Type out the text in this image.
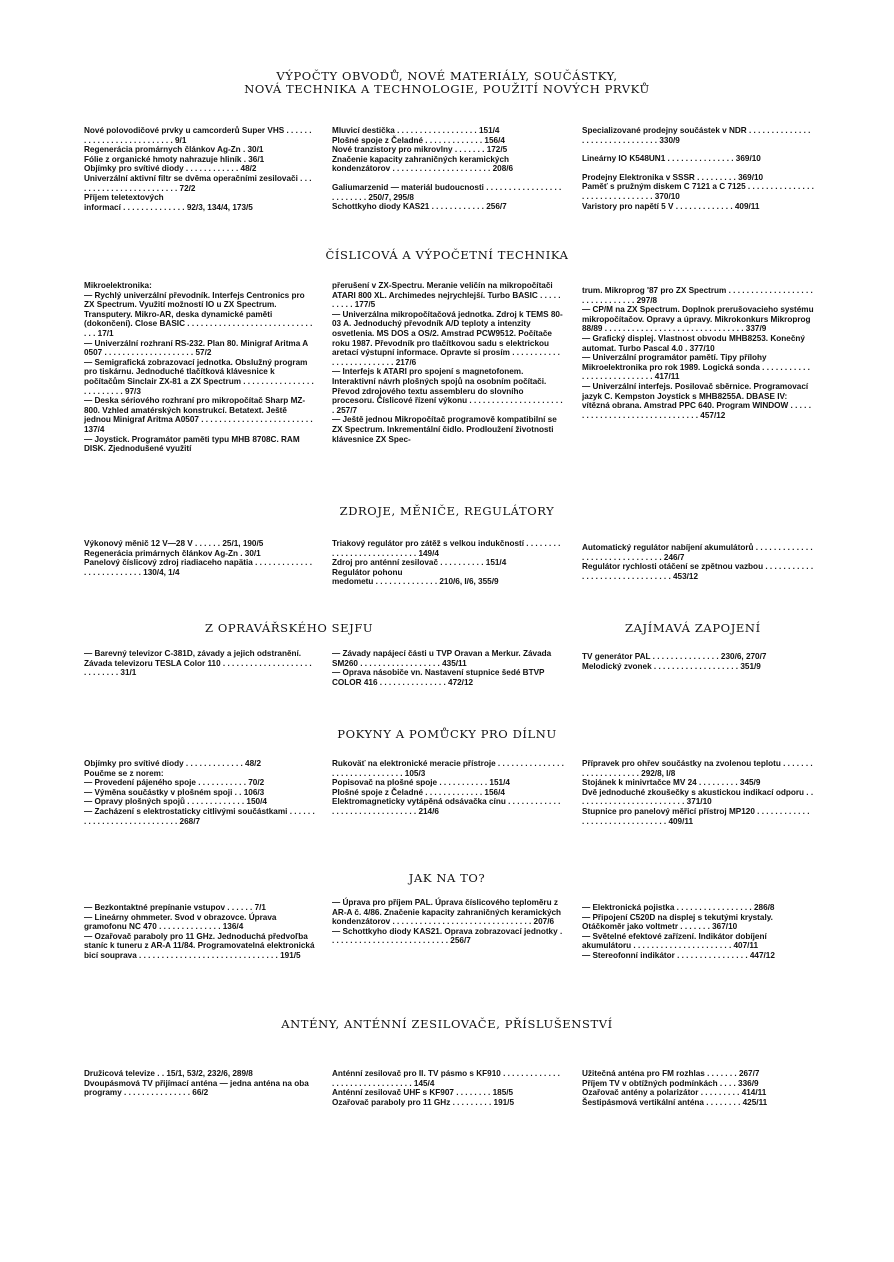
VÝPOČTY OBVODŮ, NOVÉ MATERIÁLY, SOUČÁSTKY,
NOVÁ TECHNIKA A TECHNOLOGIE, POUŽITÍ NOVÝCH PRVKŮ

Nové polovodičové prvky u camcorderů Super VHS . . . . . . . . . . . . . . . . . . . . . . . . . . 9/1

Regenerácia promárnych článkov Ag-Zn . 30/1

Fólie z organické hmoty nahrazuje hliník . 36/1

Objímky pro svítivé diody . . . . . . . . . . . . 48/2

Univerzální aktivní filtr se dvěma operačními zesilovači . . . . . . . . . . . . . . . . . . . . . . . . 72/2

Příjem teletextových
informací . . . . . . . . . . . . . . 92/3, 134/4, 173/5

Mluvicí destička . . . . . . . . . . . . . . . . . . 151/4

Plošné spoje z Čeladné . . . . . . . . . . . . . 156/4

Nové tranzistory pro mikrovlny . . . . . . . 172/5

Značenie kapacity zahraničných keramických kondenzátorov . . . . . . . . . . . . . . . . . . . . . . 208/6

Galiumarzenid — materiál budoucnosti . . . . . . . . . . . . . . . . . . . . . . . . . 250/7, 295/8

Schottkyho diody KAS21 . . . . . . . . . . . . 256/7

Specializované prodejny součástek v NDR . . . . . . . . . . . . . . . . . . . . . . . . . . . . . . . 330/9

Lineárny IO K548UN1 . . . . . . . . . . . . . . . 369/10

Prodejny Elektronika v SSSR . . . . . . . . . 369/10

Paměť s pružným diskem C 7121 a C 7125 . . . . . . . . . . . . . . . . . . . . . . . . . . . . . . . 370/10

Varistory pro napětí 5 V . . . . . . . . . . . . . 409/11

ČÍSLICOVÁ A VÝPOČETNÍ TECHNIKA

Mikroelektronika:
— Rychlý univerzální převodník. Interfejs Centronics pro ZX Spectrum. Využití možností IO u ZX Spectrum. Transputery. Mikro-AR, deska dynamické paměti (dokončení). Close BASIC . . . . . . . . . . . . . . . . . . . . . . . . . . . . . . . 17/1

— Univerzální rozhraní RS-232. Plan 80. Minigraf Aritma A 0507 . . . . . . . . . . . . . . . . . . . . 57/2

— Semigrafická zobrazovací jednotka. Obslužný program pro tiskárnu. Jednoduché tlačítková klávesnice k počítačům Sinclair ZX-81 a ZX Spectrum . . . . . . . . . . . . . . . . . . . . . . . . . 97/3

— Deska sériového rozhraní pro mikropočítač Sharp MZ-800. Vzhled amatérských konstrukcí. Betatext. Ještě jednou Minigraf Aritma A0507 . . . . . . . . . . . . . . . . . . . . . . . . . 137/4

— Joystick. Programátor paměti typu MHB 8708C. RAM DISK. Zjednodušené využití

přerušení v ZX-Spectru. Meranie veličín na mikropočítači ATARI 800 XL. Archimedes nejrychlejší. Turbo BASIC . . . . . . . . . . 177/5

— Univerzálna mikropočítačová jednotka. Zdroj k TEMS 80-03 A. Jednoduchý převodník A/D teploty a intenzity osvetlenia. MS DOS a OS/2. Amstrad PCW9512. Počítače roku 1987. Převodník pro tlačítkovou sadu s elektrickou aretací výstupní informace. Opravte si prosím . . . . . . . . . . . . . . . . . . . . . . . . . 217/6

— Interfejs k ATARI pro spojení s magnetofonem. Interaktivní návrh plošných spojů na osobním počítači. Převod zdrojového textu assembleru do slovního procesoru. Číslicové řízení výkonu . . . . . . . . . . . . . . . . . . . . . . 257/7

— Ještě jednou Mikropočítač programově kompatibilní se ZX Spectrum. Inkrementální čidlo. Prodloužení životnosti klávesnice ZX Spec-

trum. Mikroprog '87 pro ZX Spectrum . . . . . . . . . . . . . . . . . . . . . . . . . . . . . . . 297/8

— CP/M na ZX Spectrum. Doplnok prerušovacieho systému mikropočítačov. Opravy a úpravy. Mikrokonkurs Mikroprog 88/89 . . . . . . . . . . . . . . . . . . . . . . . . . . . . . . . 337/9

— Grafický displej. Vlastnost obvodu MHB8253. Konečný automat. Turbo Pascal 4.0 . 377/10

— Univerzální programátor pamětí. Tipy přílohy Mikroelektronika pro rok 1989. Logická sonda . . . . . . . . . . . . . . . . . . . . . . . . . . . 417/11

— Univerzální interfejs. Posilovač sběrnice. Programovací jazyk C. Kempston Joystick s MHB8255A. DBASE IV: vítězná obrana. Amstrad PPC 640. Program WINDOW . . . . . . . . . . . . . . . . . . . . . . . . . . . . . . . 457/12

ZDROJE, MĚNIČE, REGULÁTORY

Výkonový měnič 12 V—28 V . . . . . . 25/1, 190/5

Regenerácia primárnych článkov Ag-Zn . 30/1

Panelový číslicový zdroj riadiaceho napätia . . . . . . . . . . . . . . . . . . . . . . . . . . 130/4, 1/4

Triakový regulátor pro zátěž s velkou indukčností . . . . . . . . . . . . . . . . . . . . . . . . . . . 149/4

Zdroj pro anténní zesilovač . . . . . . . . . . 151/4

Regulátor pohonu
medometu . . . . . . . . . . . . . . 210/6, I/6, 355/9

Automatický regulátor nabíjení akumulátorů . . . . . . . . . . . . . . . . . . . . . . . . . . . . . . . 246/7

Regulátor rychlosti otáčení se zpětnou vazbou . . . . . . . . . . . . . . . . . . . . . . . . . . . . . . . 453/12

Z OPRAVÁŘSKÉHO SEJFU	ZAJÍMAVÁ ZAPOJENÍ

— Barevný televizor C-381D, závady a jejich odstranění. Závada televizoru TESLA Color 110 . . . . . . . . . . . . . . . . . . . . . . . . . . . . 31/1

— Závady napájecí části u TVP Oravan a Merkur. Závada SM260 . . . . . . . . . . . . . . . . . . 435/11

— Oprava násobiče vn. Nastavení stupnice šedé BTVP COLOR 416 . . . . . . . . . . . . . . . 472/12

TV generátor PAL . . . . . . . . . . . . . . . 230/6, 270/7

Melodický zvonek . . . . . . . . . . . . . . . . . . . 351/9

POKYNY A POMŮCKY PRO DÍLNU

Objímky pro svítivé diody . . . . . . . . . . . . . 48/2

Poučme se z norem:
— Provedení pájeného spoje . . . . . . . . . . . 70/2

— Výměna součástky v plošném spoji . . 106/3

— Opravy plošných spojů . . . . . . . . . . . . . 150/4

— Zacházení s elektrostaticky citlivými součástkami . . . . . . . . . . . . . . . . . . . . . . . . . . . 268/7

Rukoväť na elektronické meracie přístroje . . . . . . . . . . . . . . . . . . . . . . . . . . . . . . . 105/3

Popisovač na plošné spoje . . . . . . . . . . . 151/4

Plošné spoje z Čeladné . . . . . . . . . . . . . 156/4

Elektromagneticky vytápěná odsávačka cínu . . . . . . . . . . . . . . . . . . . . . . . . . . . . . . . 214/6

Přípravek pro ohřev součástky na zvolenou teplotu . . . . . . . . . . . . . . . . . . . . 292/8, I/8

Stojánek k minivrtačce MV 24 . . . . . . . . . 345/9

Dvě jednoduché zkoušečky s akustickou indikací odporu . . . . . . . . . . . . . . . . . . . . . . . . . 371/10

Stupnice pro panelový měřicí přístroj MP120 . . . . . . . . . . . . . . . . . . . . . . . . . . . . . . . 409/11

JAK NA TO?

— Bezkontaktné prepínanie vstupov . . . . . . 7/1

— Lineárny ohmmeter. Svod v obrazovce. Úprava gramofonu NC 470 . . . . . . . . . . . . . . 136/4

— Ozařovač paraboly pro 11 GHz. Jednoduchá předvoľba staníc k tuneru z AR-A 11/84. Programovatelná elektronická bicí souprava . . . . . . . . . . . . . . . . . . . . . . . . . . . . . . . 191/5

— Úprava pro příjem PAL. Úprava číslicového teploměru z AR-A č. 4/86. Značenie kapacity zahraničných keramických kondenzátorov . . . . . . . . . . . . . . . . . . . . . . . . . . . . . . . 207/6

— Schottkyho diody KAS21. Oprava zobrazovací jednotky . . . . . . . . . . . . . . . . . . . . . . . . . . . 256/7

— Elektronická pojistka . . . . . . . . . . . . . . . . . 286/8

— Připojení C520D na displej s tekutými krystaly. Otáčkoměr jako voltmetr . . . . . . . 367/10

— Světelné efektové zařízení. Indikátor dobíjení akumulátoru . . . . . . . . . . . . . . . . . . . . . . 407/11

— Stereofonní indikátor . . . . . . . . . . . . . . . . 447/12

ANTÉNY, ANTÉNNÍ ZESILOVAČE, PŘÍSLUŠENSTVÍ

Družicová televize . . 15/1, 53/2, 232/6, 289/8

Dvoupásmová TV přijímací anténa — jedna anténa na oba programy . . . . . . . . . . . . . . . 66/2

Anténní zesilovač pro II. TV pásmo s KF910 . . . . . . . . . . . . . . . . . . . . . . . . . . . . . . . 145/4

Anténní zesilovač UHF s KF907 . . . . . . . . 185/5

Ozařovač paraboly pro 11 GHz . . . . . . . . . 191/5

Užitečná anténa pro FM rozhlas . . . . . . . 267/7

Příjem TV v obtížných podmínkách . . . . 336/9

Ozařovač antény a polarizátor . . . . . . . . . 414/11

Šestipásmová vertikální anténa . . . . . . . . 425/11
